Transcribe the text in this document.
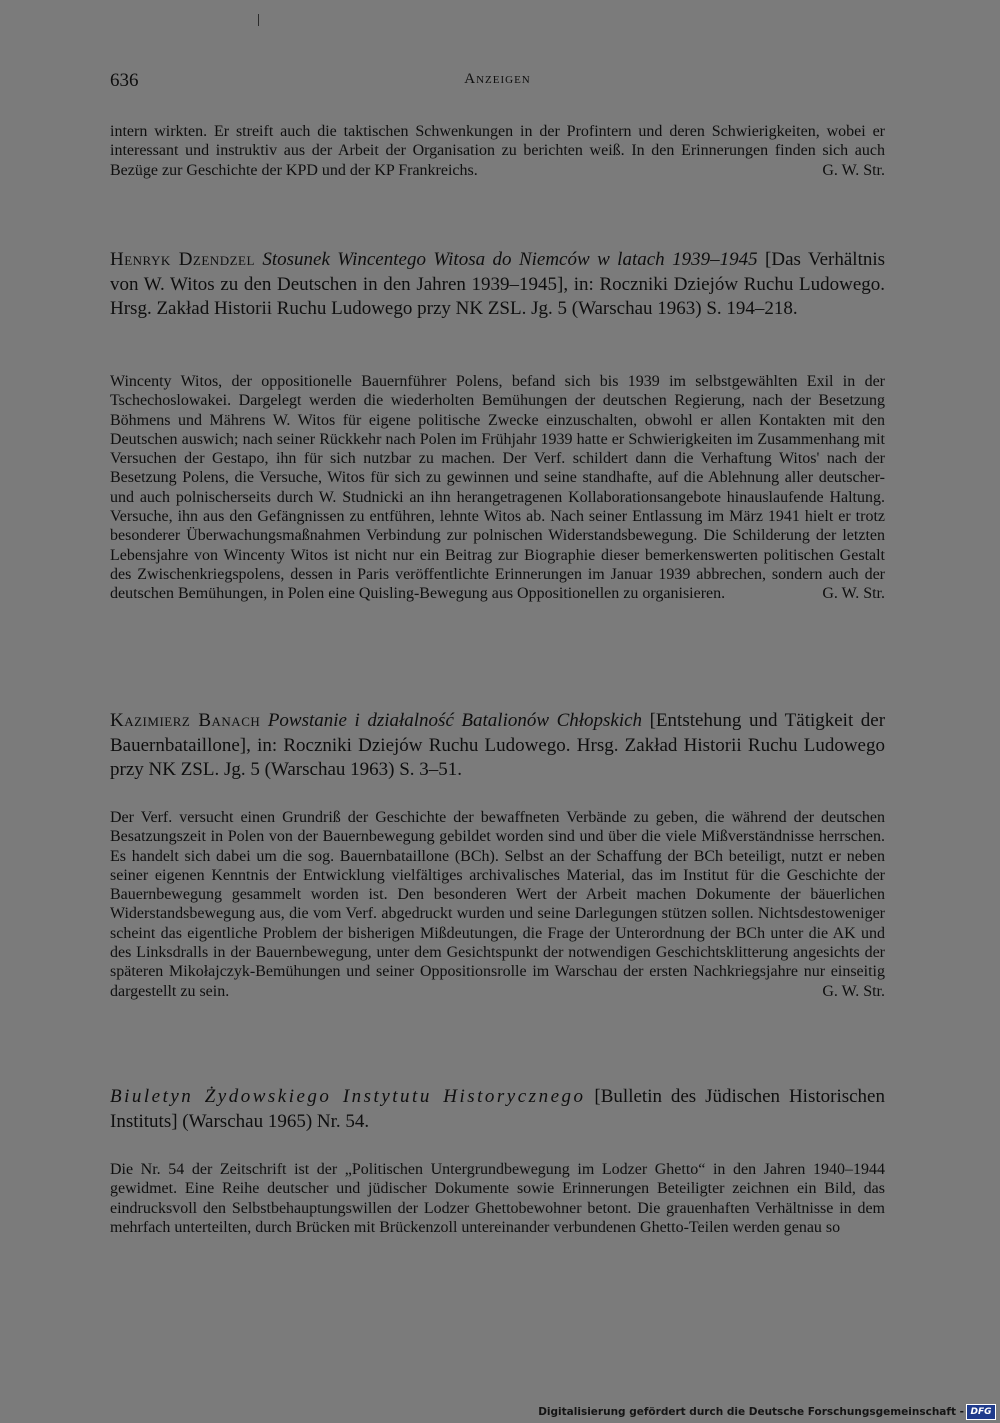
636	Anzeigen

intern wirkten. Er streift auch die taktischen Schwenkungen in der Profintern und deren Schwierigkeiten, wobei er interessant und instruktiv aus der Arbeit der Organisation zu berichten weiß. In den Erinnerungen finden sich auch Bezüge zur Geschichte der KPD und der KP Frankreichs.	G. W. Str.

Henryk Dzendzel Stosunek Wincentego Witosa do Niemców w latach 1939–1945 [Das Verhältnis von W. Witos zu den Deutschen in den Jahren 1939–1945], in: Roczniki Dziejów Ruchu Ludowego. Hrsg. Zakład Historii Ruchu Ludowego przy NK ZSL. Jg. 5 (Warschau 1963) S. 194–218.

Wincenty Witos, der oppositionelle Bauernführer Polens, befand sich bis 1939 im selbstgewählten Exil in der Tschechoslowakei. Dargelegt werden die wiederholten Bemühungen der deutschen Regierung, nach der Besetzung Böhmens und Mährens W. Witos für eigene politische Zwecke einzuschalten, obwohl er allen Kontakten mit den Deutschen auswich; nach seiner Rückkehr nach Polen im Frühjahr 1939 hatte er Schwierigkeiten im Zusammenhang mit Versuchen der Gestapo, ihn für sich nutzbar zu machen. Der Verf. schildert dann die Verhaftung Witos' nach der Besetzung Polens, die Versuche, Witos für sich zu gewinnen und seine standhafte, auf die Ablehnung aller deutscher- und auch polnischerseits durch W. Studnicki an ihn herangetragenen Kollaborationsangebote hinauslaufende Haltung. Versuche, ihn aus den Gefängnissen zu entführen, lehnte Witos ab. Nach seiner Entlassung im März 1941 hielt er trotz besonderer Überwachungsmaßnahmen Verbindung zur polnischen Widerstandsbewegung. Die Schilderung der letzten Lebensjahre von Wincenty Witos ist nicht nur ein Beitrag zur Biographie dieser bemerkenswerten politischen Gestalt des Zwischenkriegspolens, dessen in Paris veröffentlichte Erinnerungen im Januar 1939 abbrechen, sondern auch der deutschen Bemühungen, in Polen eine Quisling-Bewegung aus Oppositionellen zu organisieren.	G. W. Str.

Kazimierz Banach Powstanie i działalność Batalionów Chłopskich [Entstehung und Tätigkeit der Bauernbataillone], in: Roczniki Dziejów Ruchu Ludowego. Hrsg. Zakład Historii Ruchu Ludowego przy NK ZSL. Jg. 5 (Warschau 1963) S. 3–51.

Der Verf. versucht einen Grundriß der Geschichte der bewaffneten Verbände zu geben, die während der deutschen Besatzungszeit in Polen von der Bauernbewegung gebildet worden sind und über die viele Mißverständnisse herrschen. Es handelt sich dabei um die sog. Bauernbataillone (BCh). Selbst an der Schaffung der BCh beteiligt, nutzt er neben seiner eigenen Kenntnis der Entwicklung vielfältiges archivalisches Material, das im Institut für die Geschichte der Bauernbewegung gesammelt worden ist. Den besonderen Wert der Arbeit machen Dokumente der bäuerlichen Widerstandsbewegung aus, die vom Verf. abgedruckt wurden und seine Darlegungen stützen sollen. Nichtsdestoweniger scheint das eigentliche Problem der bisherigen Mißdeutungen, die Frage der Unterordnung der BCh unter die AK und des Linksdralls in der Bauernbewegung, unter dem Gesichtspunkt der notwendigen Geschichtsklitterung angesichts der späteren Mikołajczyk-Bemühungen und seiner Oppositionsrolle im Warschau der ersten Nachkriegsjahre nur einseitig dargestellt zu sein.	G. W. Str.

Biuletyn Żydowskiego Instytutu Historycznego [Bulletin des Jüdischen Historischen Instituts] (Warschau 1965) Nr. 54.

Die Nr. 54 der Zeitschrift ist der „Politischen Untergrundbewegung im Lodzer Ghetto“ in den Jahren 1940–1944 gewidmet. Eine Reihe deutscher und jüdischer Dokumente sowie Erinnerungen Beteiligter zeichnen ein Bild, das eindrucksvoll den Selbstbehauptungswillen der Lodzer Ghettobewohner betont. Die grauenhaften Verhältnisse in dem mehrfach unterteilten, durch Brücken mit Brückenzoll untereinander verbundenen Ghetto-Teilen werden genau so

Digitalisierung gefördert durch die Deutsche Forschungsgemeinschaft - DFG
